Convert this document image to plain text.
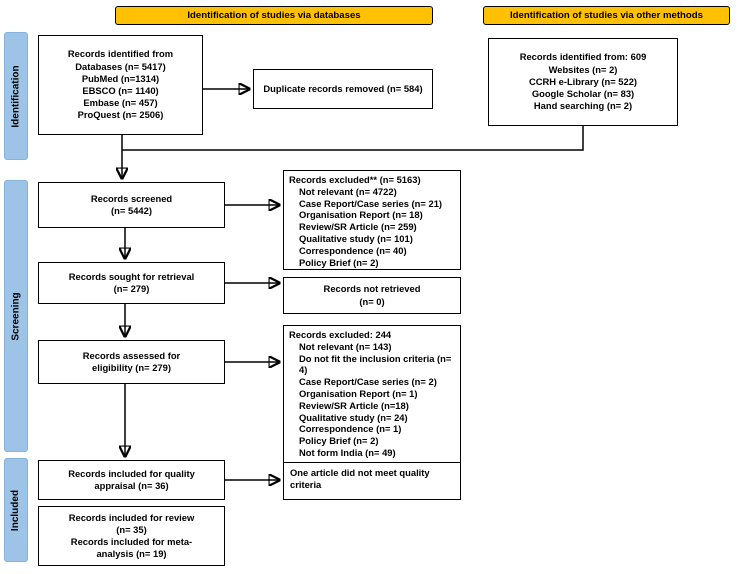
Identification of studies via databases	Identification of studies via other methods
Identification
Screening
Included
Records identified from
Databases (n= 5417)
PubMed (n=1314)
EBSCO (n= 1140)
Embase (n= 457)
ProQuest (n= 2506)
Duplicate records removed (n= 584)
Records identified from: 609
Websites (n= 2)
CCRH e-Library (n= 522)
Google Scholar (n= 83)
Hand searching (n= 2)
Records screened
(n= 5442)
Records excluded** (n= 5163)
Not relevant (n= 4722)
Case Report/Case series (n= 21)
Organisation Report (n= 18)
Review/SR Article (n= 259)
Qualitative study (n= 101)
Correspondence (n= 40)
Policy Brief (n= 2)
Records sought for retrieval
(n= 279)	Records not retrieved
(n= 0)
Records assessed for
eligibility (n= 279)
Records excluded: 244
Not relevant (n= 143)
Do not fit the inclusion criteria (n= 4)
Case Report/Case series (n= 2)
Organisation Report (n= 1)
Review/SR Article (n=18)
Qualitative study (n= 24)
Correspondence (n= 1)
Policy Brief (n= 2)
Not form India (n= 49)
Records included for quality
appraisal (n= 36)
One article did not meet quality
criteria
Records included for review
(n= 35)
Records included for meta-
analysis (n= 19)
